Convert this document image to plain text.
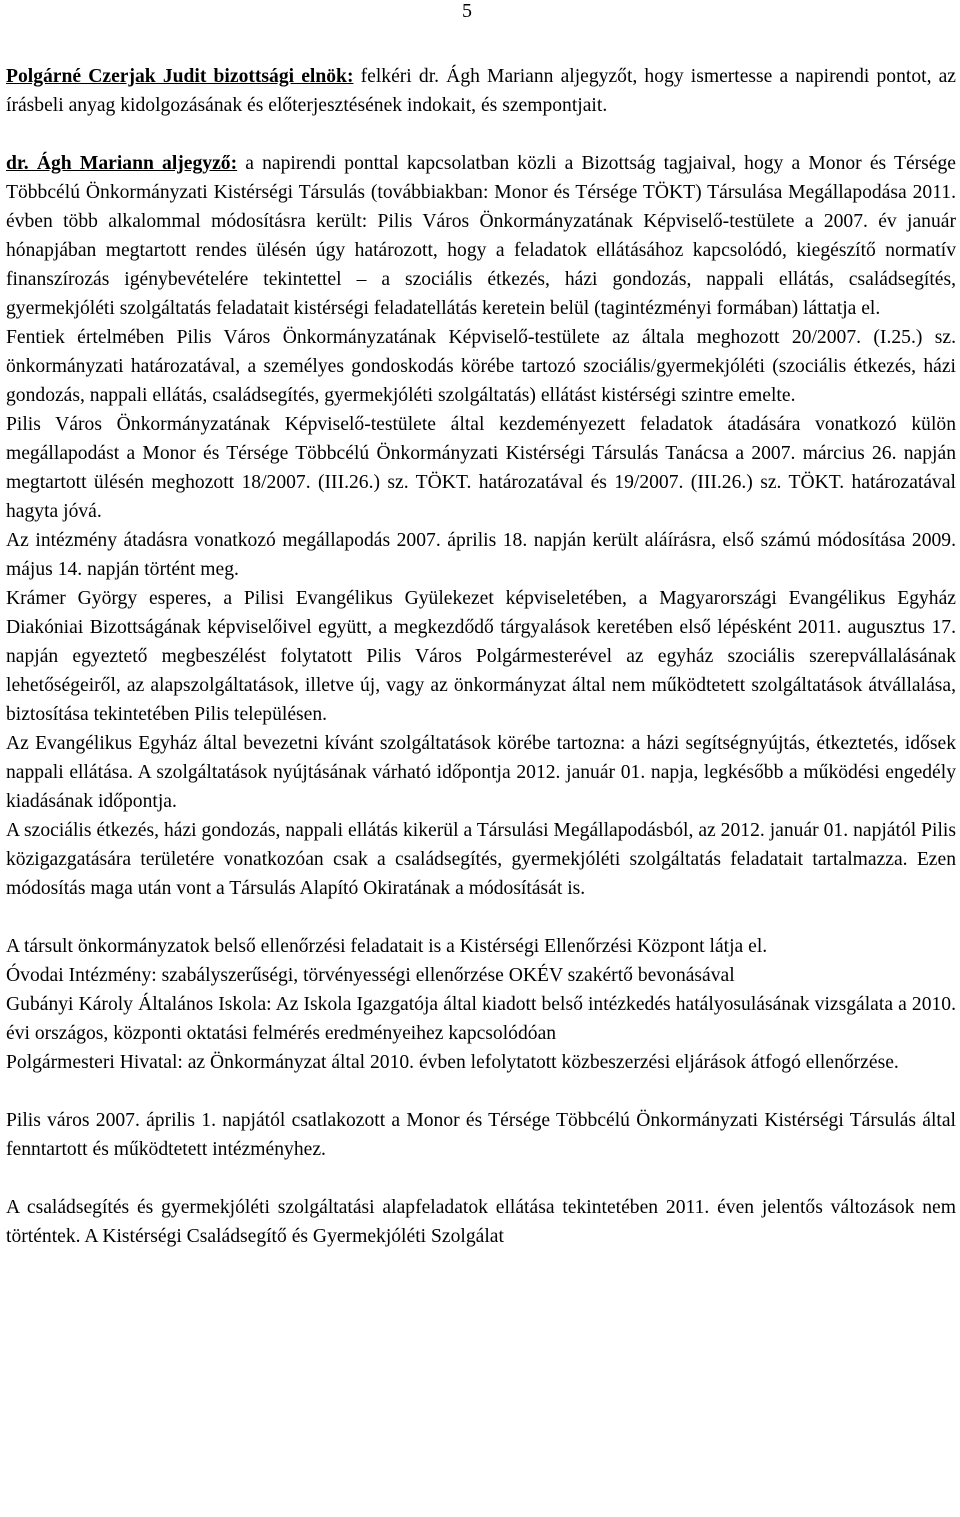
5

Polgárné Czerjak Judit bizottsági elnök: felkéri dr. Ágh Mariann aljegyzőt, hogy ismertesse a napirendi pontot, az írásbeli anyag kidolgozásának és előterjesztésének indokait, és szempontjait.

dr. Ágh Mariann aljegyző: a napirendi ponttal kapcsolatban közli a Bizottság tagjaival, hogy a Monor és Térsége Többcélú Önkormányzati Kistérségi Társulás (továbbiakban: Monor és Térsége TÖKT) Társulása Megállapodása 2011. évben több alkalommal módosításra került: Pilis Város Önkormányzatának Képviselő-testülete a 2007. év január hónapjában megtartott rendes ülésén úgy határozott, hogy a feladatok ellátásához kapcsolódó, kiegészítő normatív finanszírozás igénybevételére tekintettel – a szociális étkezés, házi gondozás, nappali ellátás, családsegítés, gyermekjóléti szolgáltatás feladatait kistérségi feladatellátás keretein belül (tagintézményi formában) láttatja el.

Fentiek értelmében Pilis Város Önkormányzatának Képviselő-testülete az általa meghozott 20/2007. (I.25.) sz. önkormányzati határozatával, a személyes gondoskodás körébe tartozó szociális/gyermekjóléti (szociális étkezés, házi gondozás, nappali ellátás, családsegítés, gyermekjóléti szolgáltatás) ellátást kistérségi szintre emelte.

Pilis Város Önkormányzatának Képviselő-testülete által kezdeményezett feladatok átadására vonatkozó külön megállapodást a Monor és Térsége Többcélú Önkormányzati Kistérségi Társulás Tanácsa a 2007. március 26. napján megtartott ülésén meghozott 18/2007. (III.26.) sz. TÖKT. határozatával és 19/2007. (III.26.) sz. TÖKT. határozatával hagyta jóvá.

Az intézmény átadásra vonatkozó megállapodás 2007. április 18. napján került aláírásra, első számú módosítása 2009. május 14. napján történt meg.

Krámer György esperes, a Pilisi Evangélikus Gyülekezet képviseletében, a Magyarországi Evangélikus Egyház Diakóniai Bizottságának képviselőivel együtt, a megkezdődő tárgyalások keretében első lépésként 2011. augusztus 17. napján egyeztető megbeszélést folytatott Pilis Város Polgármesterével az egyház szociális szerepvállalásának lehetőségeiről, az alapszolgáltatások, illetve új, vagy az önkormányzat által nem működtetett szolgáltatások átvállalása, biztosítása tekintetében Pilis településen.

Az Evangélikus Egyház által bevezetni kívánt szolgáltatások körébe tartozna: a házi segítségnyújtás, étkeztetés, idősek nappali ellátása. A szolgáltatások nyújtásának várható időpontja 2012. január 01. napja, legkésőbb a működési engedély kiadásának időpontja.

A szociális étkezés, házi gondozás, nappali ellátás kikerül a Társulási Megállapodásból, az 2012. január 01. napjától Pilis közigazgatására területére vonatkozóan csak a családsegítés, gyermekjóléti szolgáltatás feladatait tartalmazza. Ezen módosítás maga után vont a Társulás Alapító Okiratának a módosítását is.

A társult önkormányzatok belső ellenőrzési feladatait is a Kistérségi Ellenőrzési Központ látja el.

Óvodai Intézmény: szabályszerűségi, törvényességi ellenőrzése OKÉV szakértő bevonásával

Gubányi Károly Általános Iskola: Az Iskola Igazgatója által kiadott belső intézkedés hatályosulásának vizsgálata a 2010. évi országos, központi oktatási felmérés eredményeihez kapcsolódóan

Polgármesteri Hivatal: az Önkormányzat által 2010. évben lefolytatott közbeszerzési eljárások átfogó ellenőrzése.

Pilis város 2007. április 1. napjától csatlakozott a Monor és Térsége Többcélú Önkormányzati Kistérségi Társulás által fenntartott és működtetett intézményhez.

A családsegítés és gyermekjóléti szolgáltatási alapfeladatok ellátása tekintetében 2011. éven jelentős változások nem történtek. A Kistérségi Családsegítő és Gyermekjóléti Szolgálat
